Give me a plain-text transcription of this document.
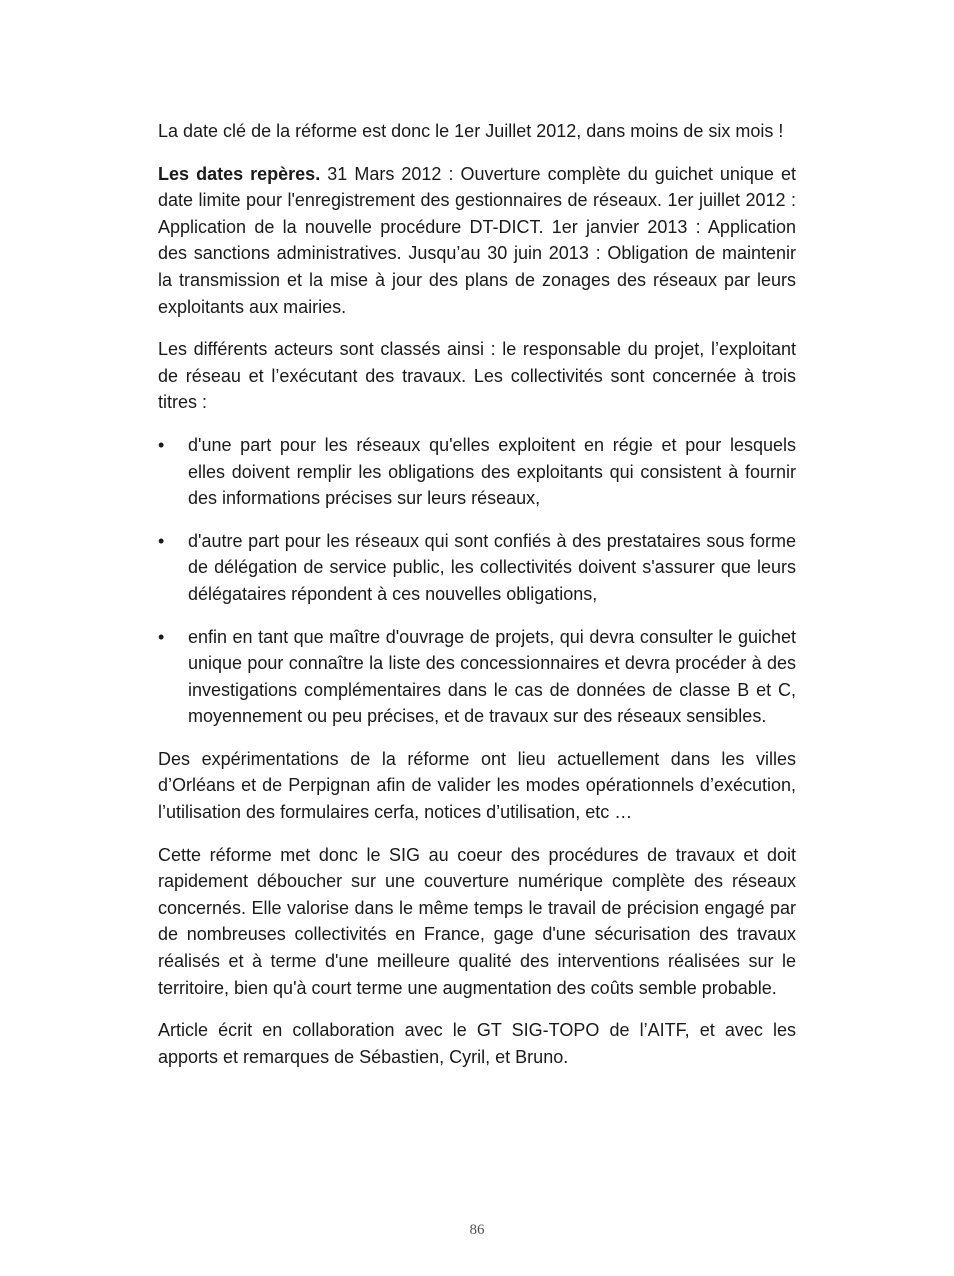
La date clé de la réforme est donc le 1er Juillet 2012, dans moins de six mois !

Les dates repères. 31 Mars 2012 : Ouverture complète du guichet unique et date limite pour l'enregistrement des gestionnaires de réseaux. 1er juillet 2012 : Application de la nouvelle procédure DT-DICT. 1er janvier 2013 : Application des sanctions administratives. Jusqu’au 30 juin 2013 : Obligation de maintenir la transmission et la mise à jour des plans de zonages des réseaux par leurs exploitants aux mairies.

Les différents acteurs sont classés ainsi : le responsable du projet, l’exploitant de réseau et l’exécutant des travaux. Les collectivités sont concernée à trois titres :

• d'une part pour les réseaux qu'elles exploitent en régie et pour lesquels elles doivent remplir les obligations des exploitants qui consistent à fournir des informations précises sur leurs réseaux,
• d'autre part pour les réseaux qui sont confiés à des prestataires sous forme de délégation de service public, les collectivités doivent s'assurer que leurs délégataires répondent à ces nouvelles obligations,
• enfin en tant que maître d'ouvrage de projets, qui devra consulter le guichet unique pour connaître la liste des concessionnaires et devra procéder à des investigations complémentaires dans le cas de données de classe B et C, moyennement ou peu précises, et de travaux sur des réseaux sensibles.

Des expérimentations de la réforme ont lieu actuellement dans les villes d’Orléans et de Perpignan afin de valider les modes opérationnels d’exécution, l’utilisation des formulaires cerfa, notices d’utilisation, etc …

Cette réforme met donc le SIG au coeur des procédures de travaux et doit rapidement déboucher sur une couverture numérique complète des réseaux concernés. Elle valorise dans le même temps le travail de précision engagé par de nombreuses collectivités en France, gage d'une sécurisation des travaux réalisés et à terme d'une meilleure qualité des interventions réalisées sur le territoire, bien qu'à court terme une augmentation des coûts semble probable.

Article écrit en collaboration avec le GT SIG-TOPO de l’AITF, et avec les apports et remarques de Sébastien, Cyril, et Bruno.

86
